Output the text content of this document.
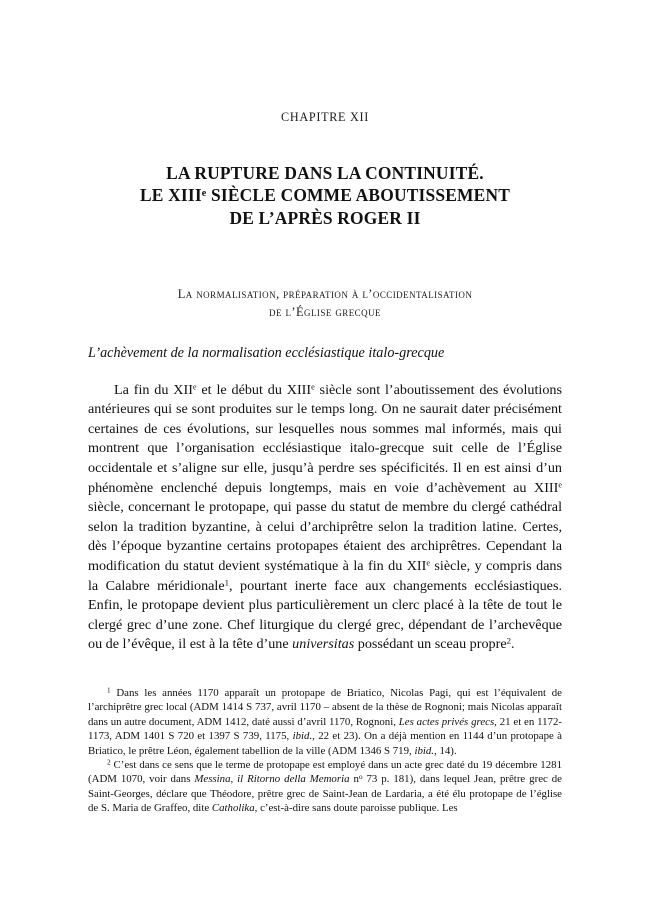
CHAPITRE XII
LA RUPTURE DANS LA CONTINUITÉ.
LE XIIIe SIÈCLE COMME ABOUTISSEMENT
DE L’APRÈS ROGER II
La normalisation, préparation à l’occidentalisation
de l’Église grecque
L’achèvement de la normalisation ecclésiastique italo-grecque

La fin du XIIe et le début du XIIIe siècle sont l’aboutissement des évolutions antérieures qui se sont produites sur le temps long. On ne saurait dater précisément certaines de ces évolutions, sur lesquelles nous sommes mal informés, mais qui montrent que l’organisation ecclésiastique italo-grecque suit celle de l’Église occidentale et s’aligne sur elle, jusqu’à perdre ses spécificités. Il en est ainsi d’un phénomène enclenché depuis longtemps, mais en voie d’achèvement au XIIIe siècle, concernant le protopape, qui passe du statut de membre du clergé cathédral selon la tradition byzantine, à celui d’archiprêtre selon la tradition latine. Certes, dès l’époque byzantine certains protopapes étaient des archiprêtres. Cependant la modification du statut devient systématique à la fin du XIIe siècle, y compris dans la Calabre méridionale$^1$, pourtant inerte face aux changements ecclésiastiques. Enfin, le protopape devient plus particulièrement un clerc placé à la tête de tout le clergé grec d’une zone. Chef liturgique du clergé grec, dépendant de l’archevêque ou de l’évêque, il est à la tête d’une universitas possédant un sceau propre$^2$.

$^1$ Dans les années 1170 apparaît un protopape de Briatico, Nicolas Pagi, qui est l’équivalent de l’archiprêtre grec local (ADM 1414 S 737, avril 1170 – absent de la thèse de Rognoni; mais Nicolas apparaît dans un autre document, ADM 1412, daté aussi d’avril 1170, Rognoni, Les actes privés grecs, 21 et en 1172-1173, ADM 1401 S 720 et 1397 S 739, 1175, ibid., 22 et 23). On a déjà mention en 1144 d’un protopape à Briatico, le prêtre Léon, également tabellion de la ville (ADM 1346 S 719, ibid., 14).

$^2$ C’est dans ce sens que le terme de protopape est employé dans un acte grec daté du 19 décembre 1281 (ADM 1070, voir dans Messina, il Ritorno della Memoria $n^o$ 73 p. 181), dans lequel Jean, prêtre grec de Saint-Georges, déclare que Théodore, prêtre grec de Saint-Jean de Lardaria, a été élu protopape de l’église de S. Maria de Graffeo, dite Catholika, c’est-à-dire sans doute paroisse publique. Les
